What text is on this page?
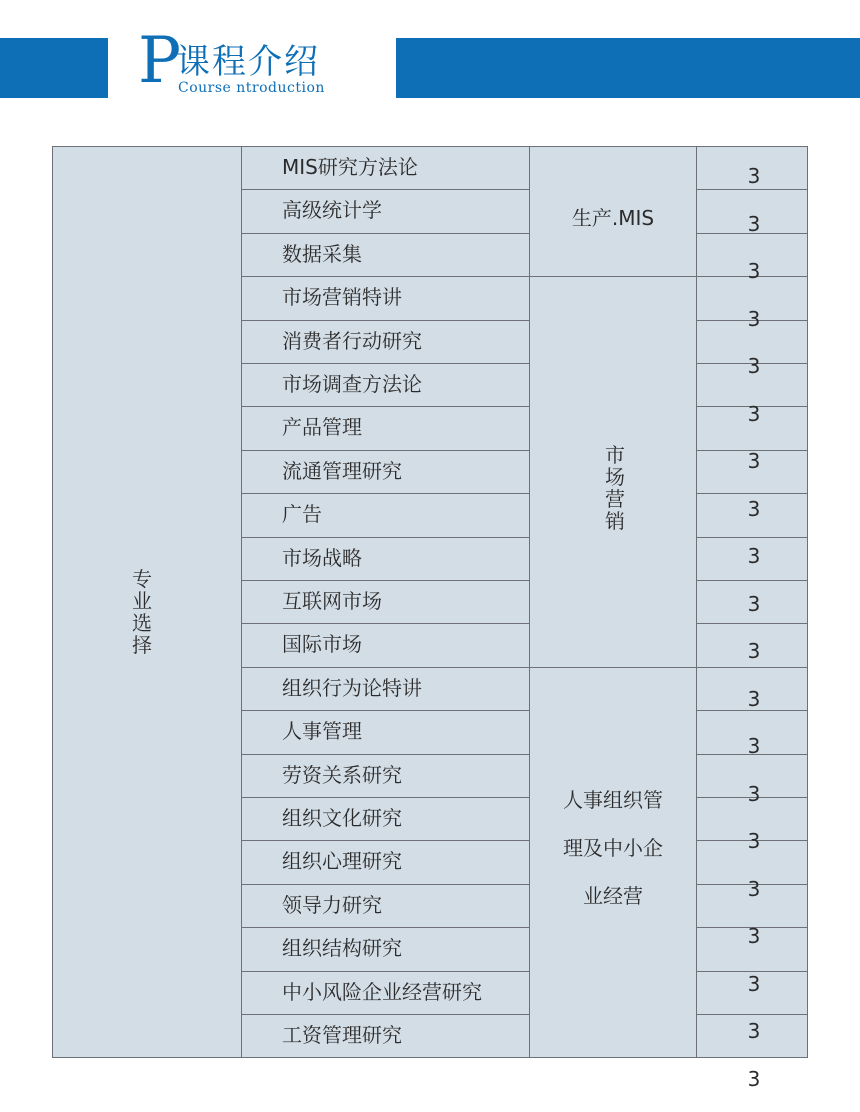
P
课程介绍
Course ntroduction
专
业
选
择
MIS研究方法论
高级统计学
数据采集
市场营销特讲
消费者行动研究
市场调查方法论
产品管理
流通管理研究
广告
市场战略
互联网市场
国际市场
组织行为论特讲
人事管理
劳资关系研究
组织文化研究
组织心理研究
领导力研究
组织结构研究
中小风险企业经营研究
工资管理研究
生产.MIS
市
场
营
销
人事组织管
理及中小企
业经营
3
3
3
3
3
3
3
3
3
3
3
3
3
3
3
3
3
3
3
3
